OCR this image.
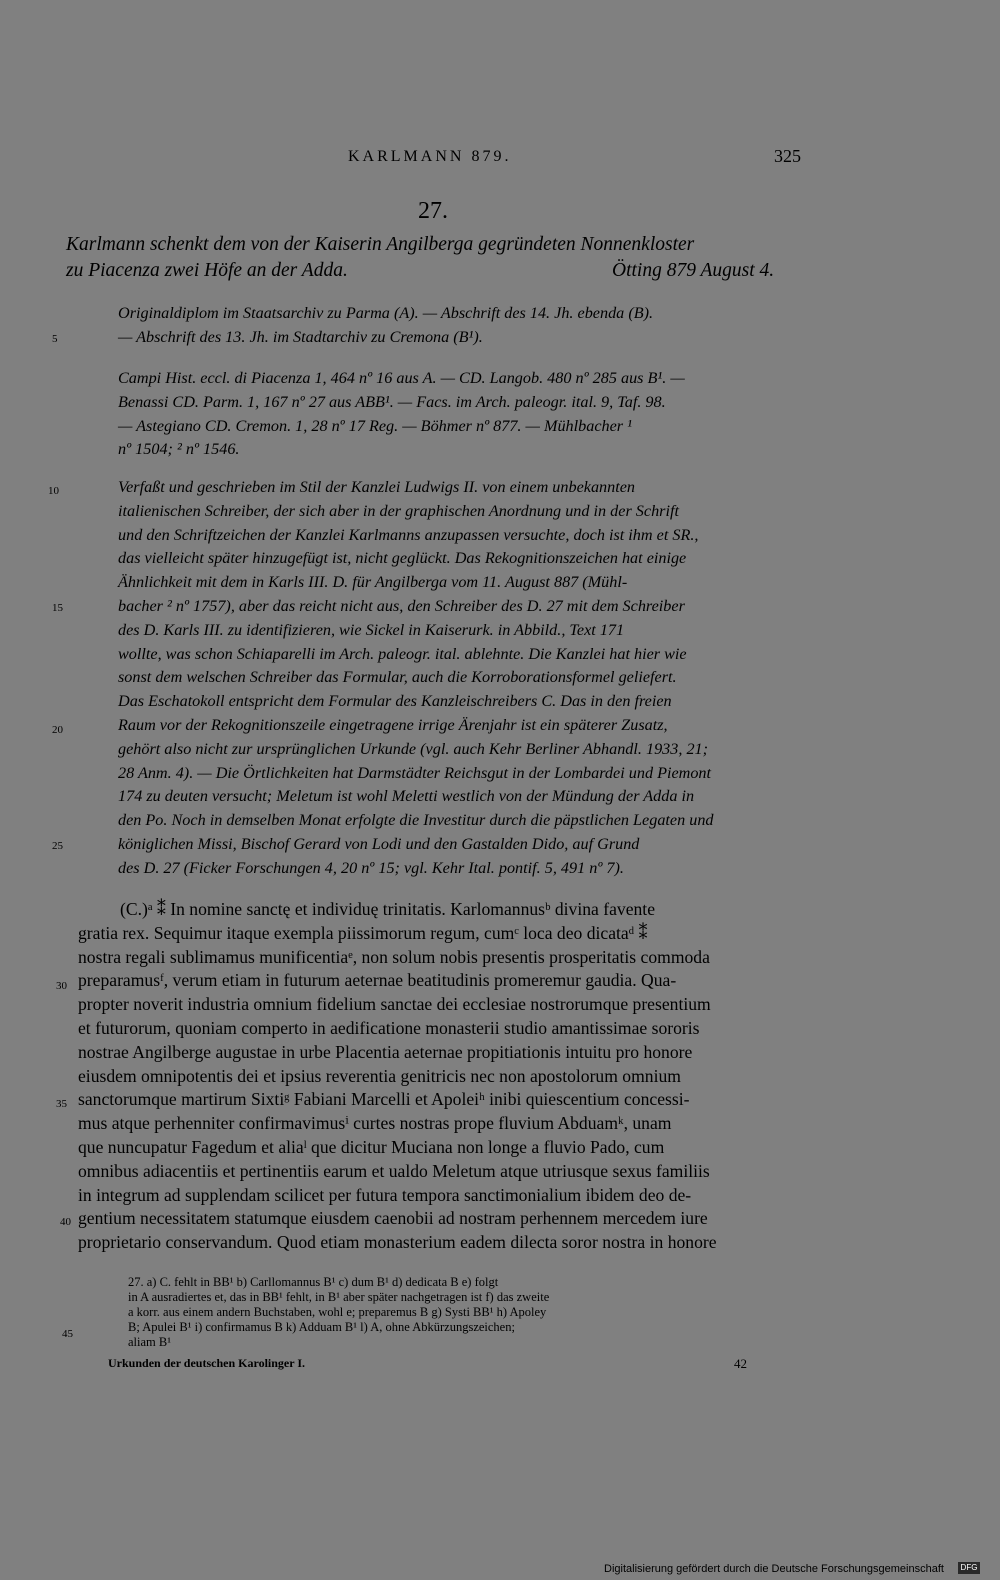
KARLMANN 879.	325
27.
Karlmann schenkt dem von der Kaiserin Angilberga gegründeten Nonnenkloster
zu Piacenza zwei Höfe an der Adda.	Ötting 879 August 4.
Originaldiplom im Staatsarchiv zu Parma (A). — Abschrift des 14. Jh. ebenda (B).
— Abschrift des 13. Jh. im Stadtarchiv zu Cremona (B¹).
Campi Hist. eccl. di Piacenza 1, 464 nº 16 aus A. — CD. Langob. 480 nº 285 aus B¹. —
Benassi CD. Parm. 1, 167 nº 27 aus ABB¹. — Facs. im Arch. paleogr. ital. 9, Taf. 98.
— Astegiano CD. Cremon. 1, 28 nº 17 Reg. — Böhmer nº 877. — Mühlbacher ¹
nº 1504; ² nº 1546.
Verfaßt und geschrieben im Stil der Kanzlei Ludwigs II. von einem unbekannten
italienischen Schreiber, der sich aber in der graphischen Anordnung und in der Schrift
und den Schriftzeichen der Kanzlei Karlmanns anzupassen versuchte, doch ist ihm et SR.,
das vielleicht später hinzugefügt ist, nicht geglückt. Das Rekognitionszeichen hat einige
Ähnlichkeit mit dem in Karls III. D. für Angilberga vom 11. August 887 (Mühl-
bacher ² nº 1757), aber das reicht nicht aus, den Schreiber des D. 27 mit dem Schreiber
des D. Karls III. zu identifizieren, wie Sickel in Kaiserurk. in Abbild., Text 171
wollte, was schon Schiaparelli im Arch. paleogr. ital. ablehnte. Die Kanzlei hat hier wie
sonst dem welschen Schreiber das Formular, auch die Korroborationsformel geliefert.
Das Eschatokoll entspricht dem Formular des Kanzleischreibers C. Das in den freien
Raum vor der Rekognitionszeile eingetragene irrige Ärenjahr ist ein späterer Zusatz,
gehört also nicht zur ursprünglichen Urkunde (vgl. auch Kehr Berliner Abhandl. 1933, 21;
28 Anm. 4). — Die Örtlichkeiten hat Darmstädter Reichsgut in der Lombardei und Piemont
174 zu deuten versucht; Meletum ist wohl Meletti westlich von der Mündung der Adda in
den Po. Noch in demselben Monat erfolgte die Investitur durch die päpstlichen Legaten und
königlichen Missi, Bischof Gerard von Lodi und den Gastalden Dido, auf Grund
des D. 27 (Ficker Forschungen 4, 20 nº 15; vgl. Kehr Ital. pontif. 5, 491 nº 7).
(C.)ᵃ ⁑ In nomine sanctę et individuę trinitatis. Karlomannusᵇ divina favente
gratia rex. Sequimur itaque exempla piissimorum regum, cumᶜ loca deo dicataᵈ ⁑
nostra regali sublimamus munificentiaᵉ, non solum nobis presentis prosperitatis commoda
preparamusᶠ, verum etiam in futurum aeternae beatitudinis promeremur gaudia. Qua-
propter noverit industria omnium fidelium sanctae dei ecclesiae nostrorumque presentium
et futurorum, quoniam comperto in aedificatione monasterii studio amantissimae sororis
nostrae Angilberge augustae in urbe Placentia aeternae propitiationis intuitu pro honore
eiusdem omnipotentis dei et ipsius reverentia genitricis nec non apostolorum omnium
sanctorumque martirum Sixtiᵍ Fabiani Marcelli et Apoleiʰ inibi quiescentium concessi-
mus atque perhenniter confirmavimusⁱ curtes nostras prope fluvium Abduamᵏ, unam
que nuncupatur Fagedum et aliaˡ que dicitur Muciana non longe a fluvio Pado, cum
omnibus adiacentiis et pertinentiis earum et ualdo Meletum atque utriusque sexus familiis
in integrum ad supplendam scilicet per futura tempora sanctimonialium ibidem deo de-
gentium necessitatem statumque eiusdem caenobii ad nostram perhennem mercedem iure
proprietario conservandum. Quod etiam monasterium eadem dilecta soror nostra in honore
5
10
15
20
25
30
35
40
45
27. a) C. fehlt in BB¹ b) Carllomannus B¹ c) dum B¹ d) dedicata B e) folgt
in A ausradiertes et, das in BB¹ fehlt, in B¹ aber später nachgetragen ist f) das zweite
a korr. aus einem andern Buchstaben, wohl e; preparemus B g) Systi BB¹ h) Apoley
B; Apulei B¹ i) confirmamus B k) Adduam B¹ l) A, ohne Abkürzungszeichen;
aliam B¹
Urkunden der deutschen Karolinger I.	42
Digitalisierung gefördert durch die Deutsche Forschungsgemeinschaft	DFG
